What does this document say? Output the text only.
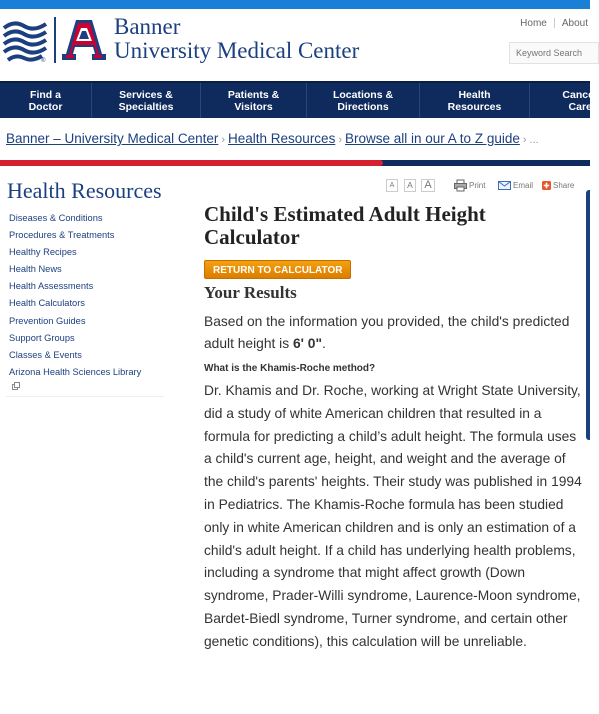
®
Banner
University Medical Center
Home About
Keyword Search
Find a
Doctor
Services &
Specialties
Patients &
Visitors
Locations &
Directions
Health
Resources
Cancer
Care
Banner – University Medical Center › Health Resources › Browse all in our A to Z guide › ...
Health Resources
Diseases & Conditions
Procedures & Treatments
Healthy Recipes
Health News
Health Assessments
Health Calculators
Prevention Guides
Support Groups
Classes & Events
Arizona Health Sciences Library
A	A	A	Print	Email	Share
Child's Estimated Adult Height
Calculator
RETURN TO CALCULATOR
Your Results

Based on the information you provided, the child's predicted adult height is 6' 0".

What is the Khamis-Roche method?

Dr. Khamis and Dr. Roche, working at Wright State University, did a study of white American children that resulted in a formula for predicting a child’s adult height. The formula uses a child's current age, height, and weight and the average of the child's parents' heights. Their study was published in 1994 in Pediatrics. The Khamis-Roche formula has been studied only in white American children and is only an estimation of a child's adult height. If a child has underlying health problems, including a syndrome that might affect growth (Down syndrome, Prader-Willi syndrome, Laurence-Moon syndrome, Bardet-Biedl syndrome, Turner syndrome, and certain other genetic conditions), this calculation will be unreliable.
